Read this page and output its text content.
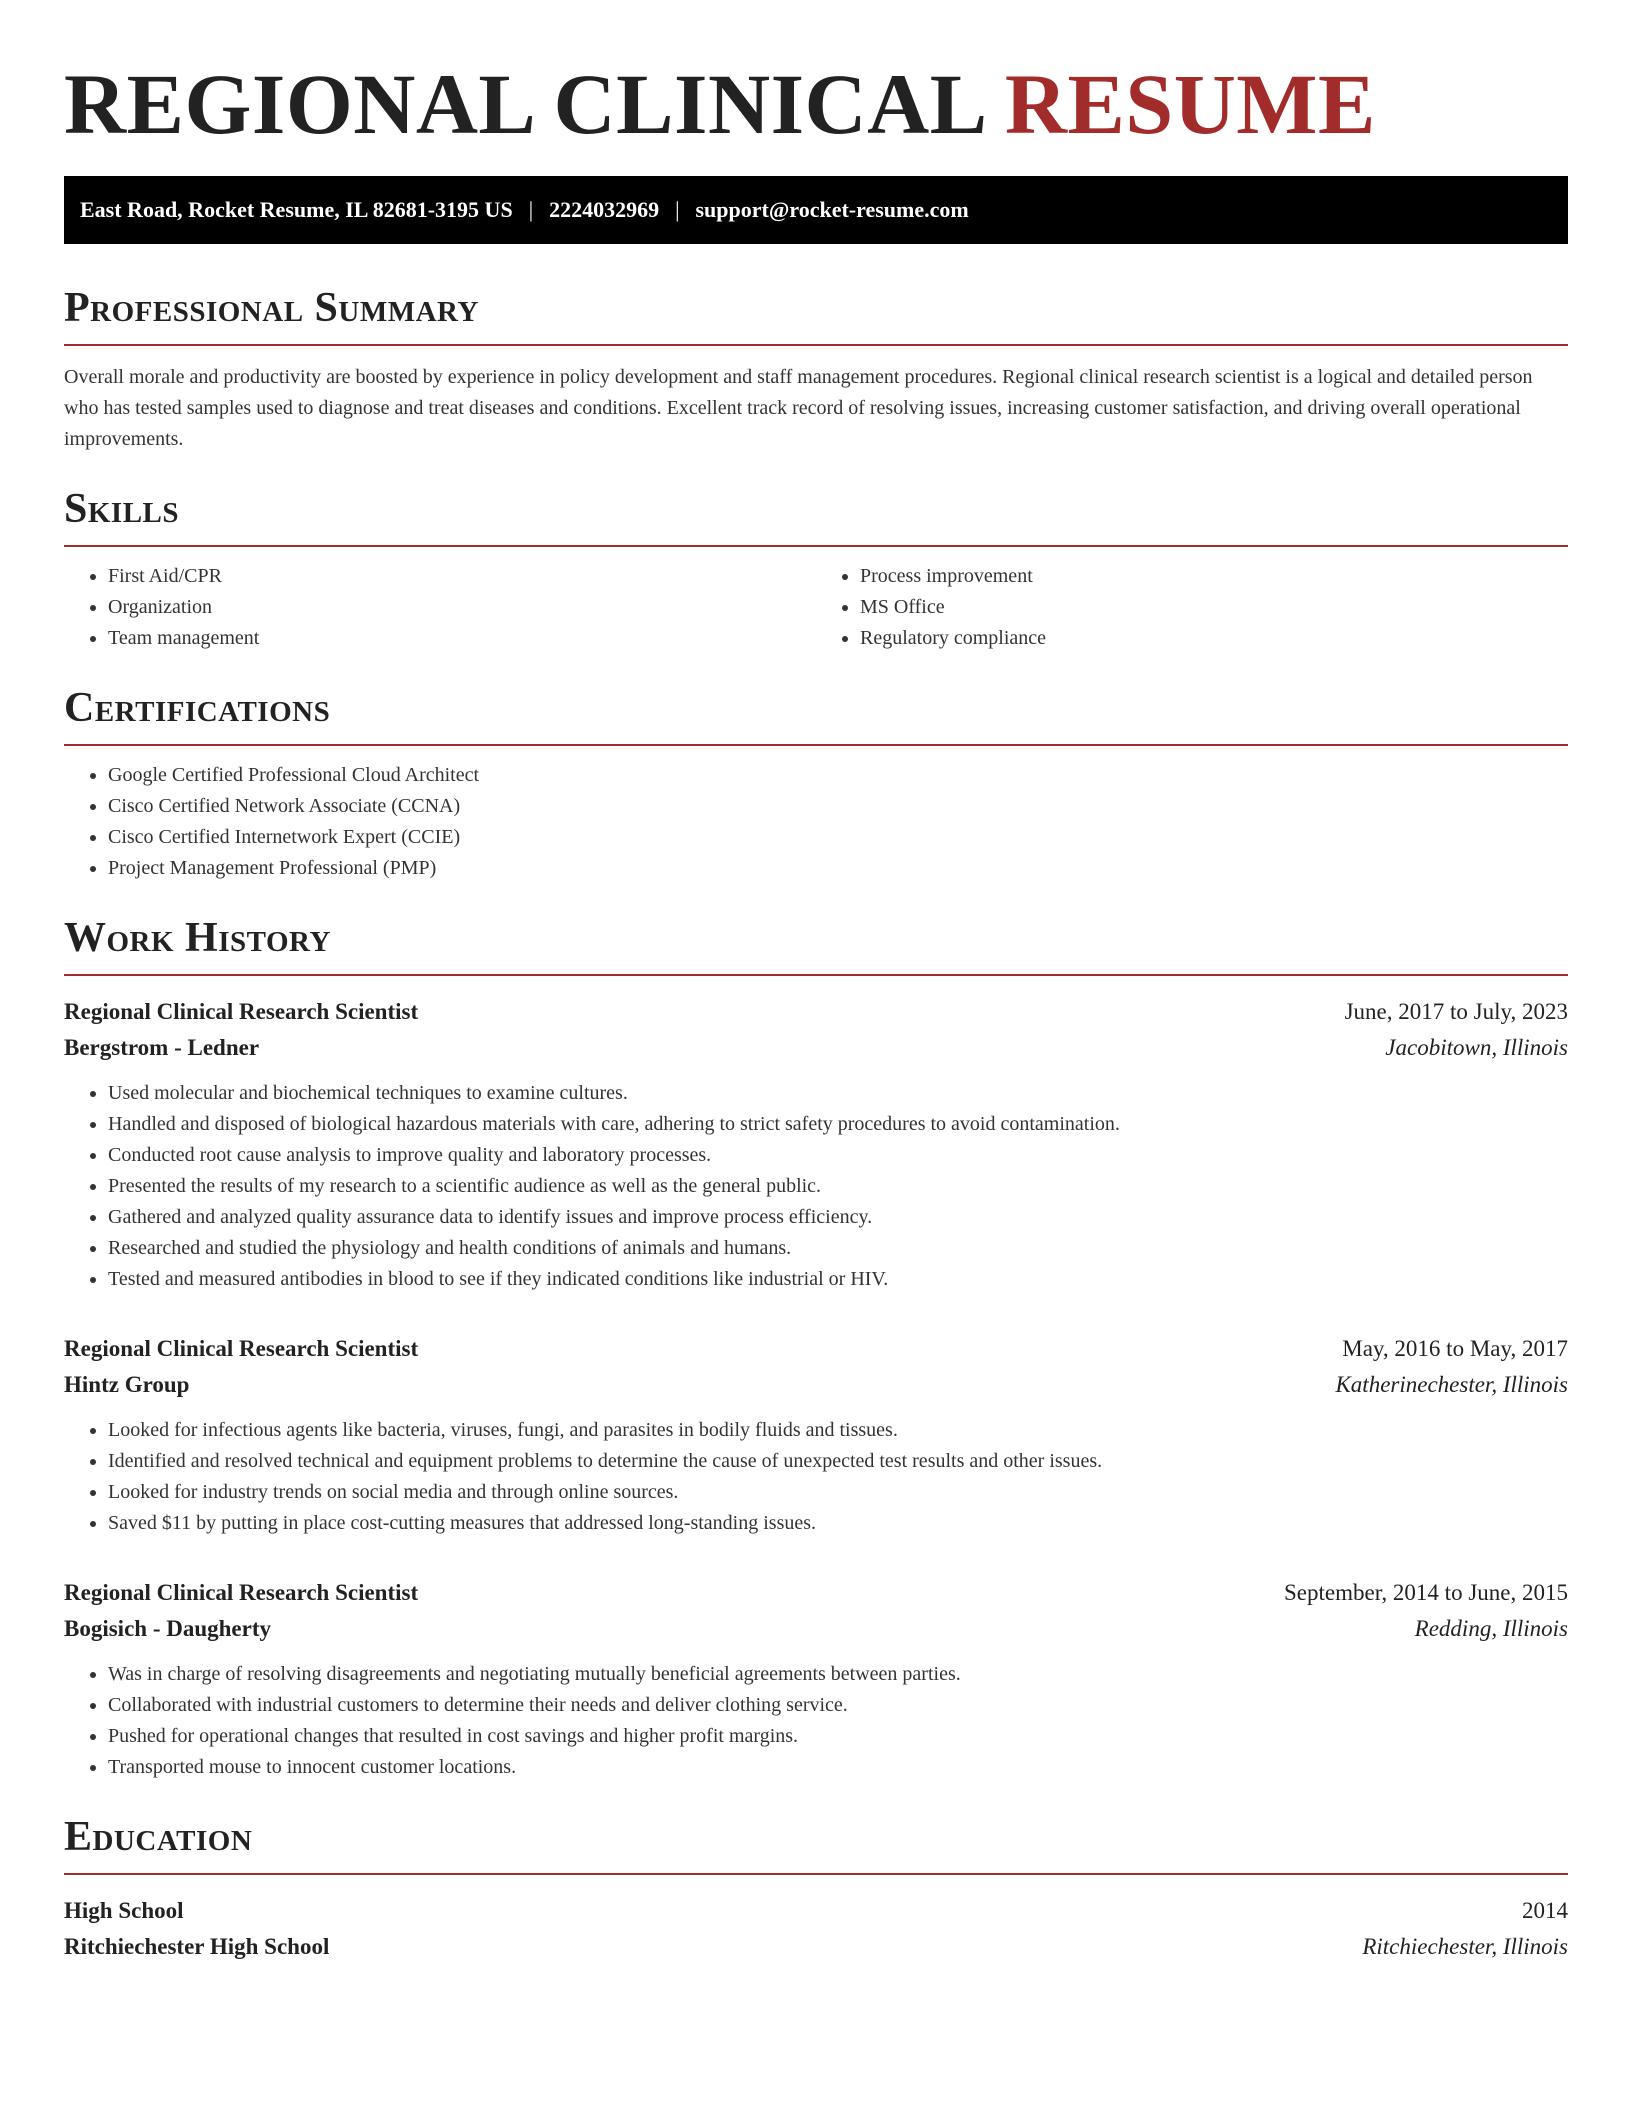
REGIONAL CLINICAL RESUME
East Road, Rocket Resume, IL 82681-3195 US | 2224032969 | support@rocket-resume.com
Professional Summary

Overall morale and productivity are boosted by experience in policy development and staff management procedures. Regional clinical research scientist is a logical and detailed person who has tested samples used to diagnose and treat diseases and conditions. Excellent track record of resolving issues, increasing customer satisfaction, and driving overall operational improvements.

Skills
• First Aid/CPR
• Organization
• Team management
• Process improvement
• MS Office
• Regulatory compliance
Certifications
• Google Certified Professional Cloud Architect
• Cisco Certified Network Associate (CCNA)
• Cisco Certified Internetwork Expert (CCIE)
• Project Management Professional (PMP)
Work History
Regional Clinical Research Scientist	June, 2017 to July, 2023
Bergstrom - Ledner	Jacobitown, Illinois
• Used molecular and biochemical techniques to examine cultures.
• Handled and disposed of biological hazardous materials with care, adhering to strict safety procedures to avoid contamination.
• Conducted root cause analysis to improve quality and laboratory processes.
• Presented the results of my research to a scientific audience as well as the general public.
• Gathered and analyzed quality assurance data to identify issues and improve process efficiency.
• Researched and studied the physiology and health conditions of animals and humans.
• Tested and measured antibodies in blood to see if they indicated conditions like industrial or HIV.
Regional Clinical Research Scientist	May, 2016 to May, 2017
Hintz Group	Katherinechester, Illinois
• Looked for infectious agents like bacteria, viruses, fungi, and parasites in bodily fluids and tissues.
• Identified and resolved technical and equipment problems to determine the cause of unexpected test results and other issues.
• Looked for industry trends on social media and through online sources.
• Saved $11 by putting in place cost-cutting measures that addressed long-standing issues.
Regional Clinical Research Scientist	September, 2014 to June, 2015
Bogisich - Daugherty	Redding, Illinois
• Was in charge of resolving disagreements and negotiating mutually beneficial agreements between parties.
• Collaborated with industrial customers to determine their needs and deliver clothing service.
• Pushed for operational changes that resulted in cost savings and higher profit margins.
• Transported mouse to innocent customer locations.
Education
High School	2014
Ritchiechester High School	Ritchiechester, Illinois
